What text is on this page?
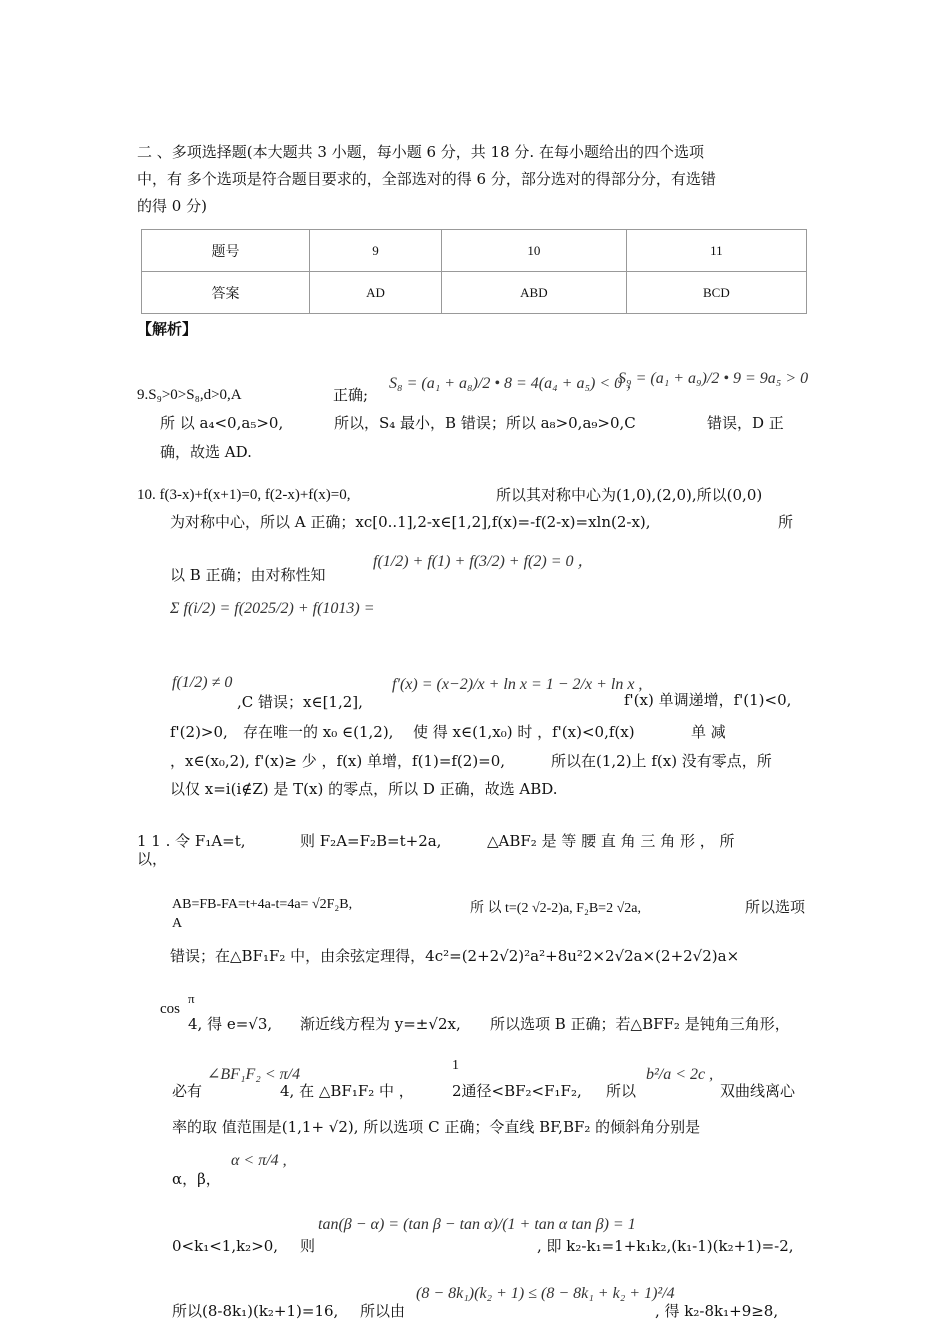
二 、多项选择题(本大题共 3 小题，每小题 6 分，共 18 分. 在每小题给出的四个选项
中，有 多个选项是符合题目要求的，全部选对的得 6 分，部分选对的得部分分，有选错
的得 0 分)
题号	9	10	11
答案	AD	ABD	BCD
【解析】
9.S₉>0>S₈,d>0,A	正确;
S₈ = (a₁ + a₈)/2 • 8 = 4(a₄ + a₅) < 0 ，
S₉ = (a₁ + a₉)/2 • 9 = 9a₅ > 0
所 以 a₄<0,a₅>0,	所以，S₄ 最小，B 错误；所以 a₈>0,a₉>0,C	错误，D 正
确，故选 AD.
10. f(3-x)+f(x+1)=0, f(2-x)+f(x)=0,	所以其对称中心为(1,0),(2,0),所以(0,0)
为对称中心，所以 A 正确；xc[0..1],2-x∈[1,2],f(x)=-f(2-x)=xln(2-x),	所
以 B 正确；由对称性知
f(1/2) + f(1) + f(3/2) + f(2) = 0 ，
Σ f(i/2) = f(2025/2) + f(1013) =
f(1/2) ≠ 0
,C 错误；x∈[1,2],
f′(x) = (x−2)/x + ln x = 1 − 2/x + ln x ,
f'(x) 单调递增，f'(1)<0,
f'(2)>0, 存在唯一的 x₀ ∈(1,2), 使 得 x∈(1,x₀) 时 ，f'(x)<0,f(x)	单 减
，x∈(x₀,2), f'(x)≥ 少 ，f(x) 单增，f(1)=f(2)=0,	所以在(1,2)上 f(x) 没有零点，所
以仅 x=i(i∉Z) 是 T(x) 的零点，所以 D 正确，故选 ABD.
1 1 . 令 F₁A=t,	则 F₂A=F₂B=t+2a,	△ABF₂ 是 等 腰 直 角 三 角 形 ， 所
以，
AB=FB-FA=t+4a-t=4a= √2F₂B,	所 以 t=(2 √2-2)a, F₂B=2 √2a,	所以选项
A
错误；在△BF₁F₂ 中，由余弦定理得，4c²=(2+2√2)²a²+8u²2×2√2a×(2+2√2)a×
cos
π
4, 得 e=√3, 渐近线方程为 y=±√2x, 所以选项 B 正确；若△BFF₂ 是钝角三角形，
必有
∠BF₁F₂ < π/4
4, 在 △BF₁F₂ 中 ，
1
2通径<BF₂<F₁F₂, 所以
b²/a < 2c ,
双曲线离心
率的取 值范围是(1,1+ √2), 所以选项 C 正确；令直线 BF,BF₂ 的倾斜角分别是
α，β，
α < π/4 ,
0<k₁<1,k₂>0, 则
tan(β − α) = (tan β − tan α)/(1 + tan α tan β) = 1
, 即 k₂-k₁=1+k₁k₂,(k₁-1)(k₂+1)=-2,
所以(8-8k₁)(k₂+1)=16, 所以由
(8 − 8k₁)(k₂ + 1) ≤ (8 − 8k₁ + k₂ + 1)²/4
, 得 k₂-8k₁+9≥8,
